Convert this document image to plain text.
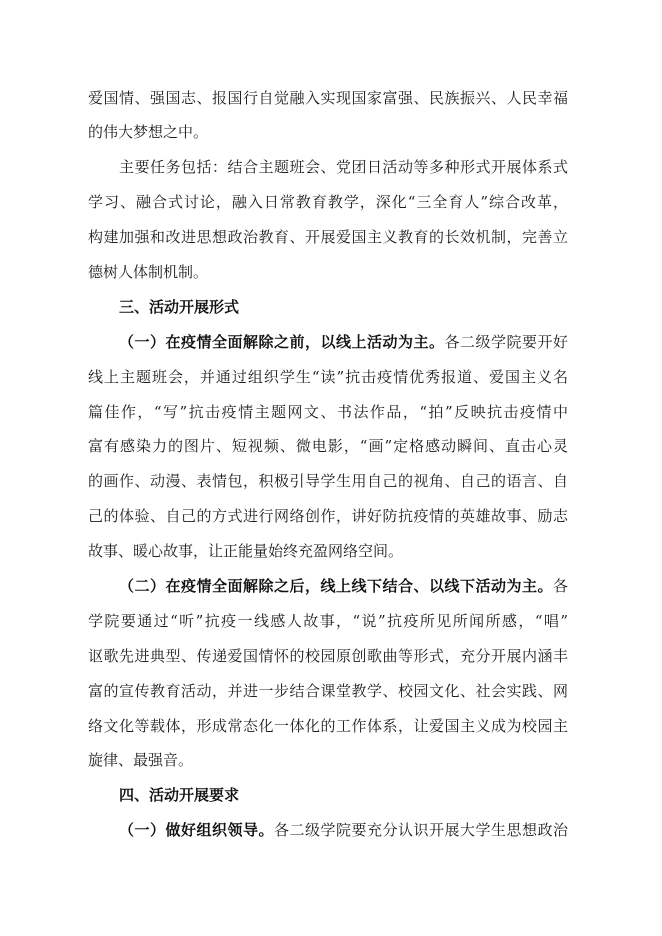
爱国情、强国志、报国行自觉融入实现国家富强、民族振兴、人民幸福
的伟大梦想之中。
主要任务包括：结合主题班会、党团日活动等多种形式开展体系式
学习、融合式讨论，融入日常教育教学，深化“三全育人”综合改革，
构建加强和改进思想政治教育、开展爱国主义教育的长效机制，完善立
德树人体制机制。
三、活动开展形式
（一）在疫情全面解除之前，以线上活动为主。各二级学院要开好
线上主题班会，并通过组织学生“读”抗击疫情优秀报道、爱国主义名
篇佳作，“写”抗击疫情主题网文、书法作品，“拍”反映抗击疫情中
富有感染力的图片、短视频、微电影，“画”定格感动瞬间、直击心灵
的画作、动漫、表情包，积极引导学生用自己的视角、自己的语言、自
己的体验、自己的方式进行网络创作，讲好防抗疫情的英雄故事、励志
故事、暖心故事，让正能量始终充盈网络空间。
（二）在疫情全面解除之后，线上线下结合、以线下活动为主。各
学院要通过“听”抗疫一线感人故事，“说”抗疫所见所闻所感，“唱”
讴歌先进典型、传递爱国情怀的校园原创歌曲等形式，充分开展内涵丰
富的宣传教育活动，并进一步结合课堂教学、校园文化、社会实践、网
络文化等载体，形成常态化一体化的工作体系，让爱国主义成为校园主
旋律、最强音。
四、活动开展要求
（一）做好组织领导。各二级学院要充分认识开展大学生思想政治
